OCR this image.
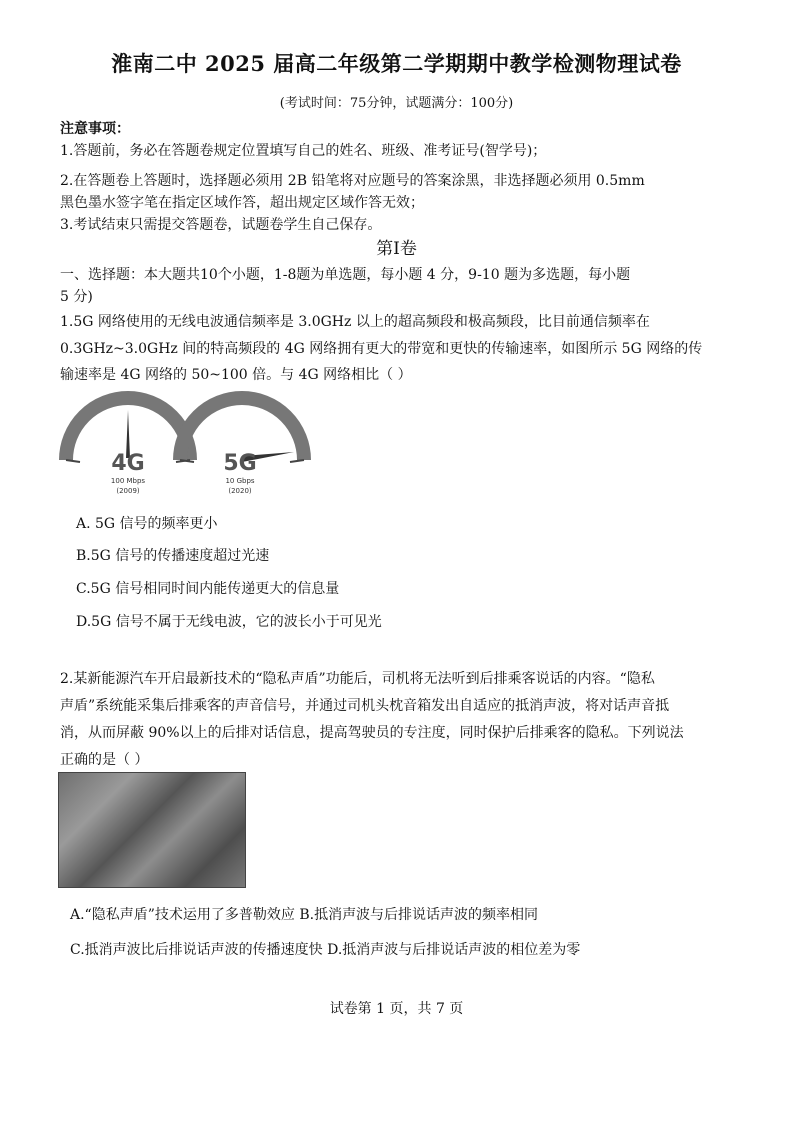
淮南二中 2025 届高二年级第二学期期中教学检测物理试卷
(考试时间：75分钟，试题满分：100分)
注意事项：
1.答题前，务必在答题卷规定位置填写自己的姓名、班级、准考证号(智学号)；
2.在答题卷上答题时，选择题必须用 2B 铅笔将对应题号的答案涂黑，非选择题必须用 0.5mm
黑色墨水签字笔在指定区域作答，超出规定区域作答无效；
3.考试结束只需提交答题卷，试题卷学生自己保存。
第Ⅰ卷
一、选择题：本大题共10个小题，1-8题为单选题，每小题 4 分，9-10 题为多选题，每小题
5 分)
1.5G 网络使用的无线电波通信频率是 3.0GHz 以上的超高频段和极高频段，比目前通信频率在
0.3GHz~3.0GHz 间的特高频段的 4G 网络拥有更大的带宽和更快的传输速率，如图所示 5G 网络的传
输速率是 4G 网络的 50~100 倍。与 4G 网络相比（ ）
4G
100 Mbps
(2009)
5G
10 Gbps
(2020)
A. 5G 信号的频率更小
B.5G 信号的传播速度超过光速
C.5G 信号相同时间内能传递更大的信息量
D.5G 信号不属于无线电波，它的波长小于可见光
2.某新能源汽车开启最新技术的“隐私声盾”功能后，司机将无法听到后排乘客说话的内容。“隐私
声盾”系统能采集后排乘客的声音信号，并通过司机头枕音箱发出自适应的抵消声波，将对话声音抵
消，从而屏蔽 90%以上的后排对话信息，提高驾驶员的专注度，同时保护后排乘客的隐私。下列说法
正确的是（ ）
A.“隐私声盾”技术运用了多普勒效应 B.抵消声波与后排说话声波的频率相同
C.抵消声波比后排说话声波的传播速度快 D.抵消声波与后排说话声波的相位差为零
试卷第 1 页，共 7 页
